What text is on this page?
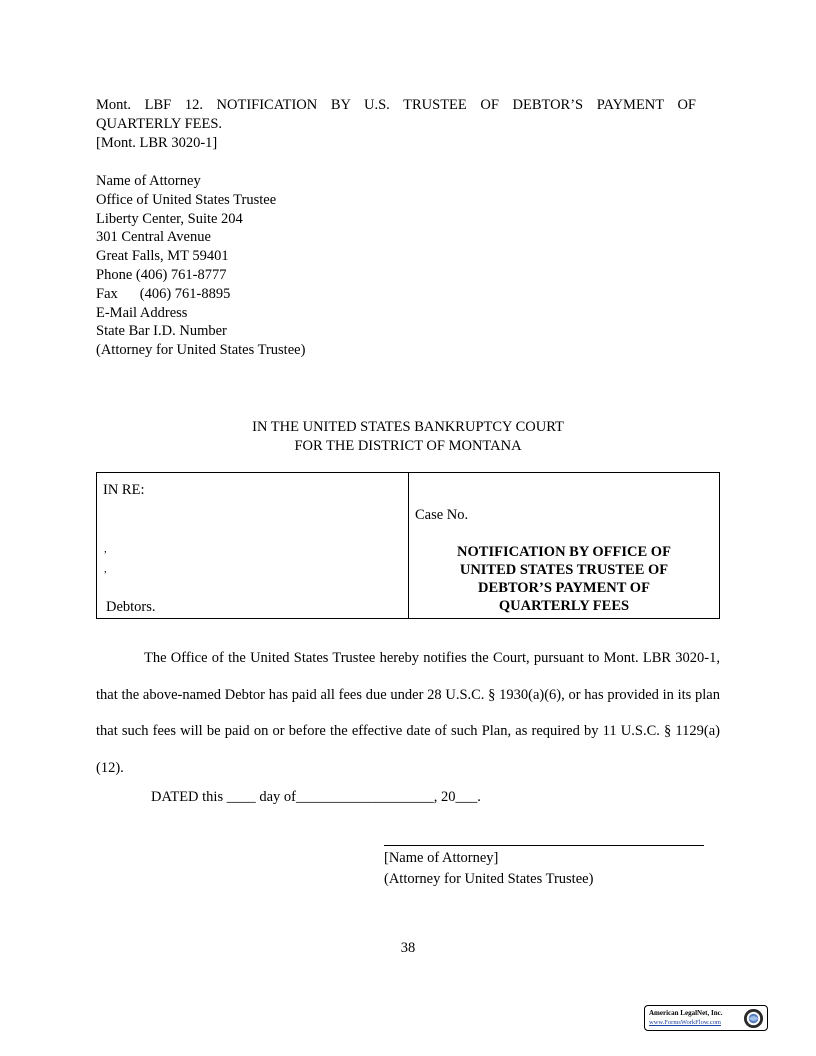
Mont. LBF 12. NOTIFICATION BY U.S. TRUSTEE OF DEBTOR’S PAYMENT OF
QUARTERLY FEES.
[Mont. LBR 3020-1]
Name of Attorney
Office of United States Trustee
Liberty Center, Suite 204
301 Central Avenue
Great Falls, MT 59401
Phone (406) 761-8777
Fax (406) 761-8895
E-Mail Address
State Bar I.D. Number
(Attorney for United States Trustee)
IN THE UNITED STATES BANKRUPTCY COURT
FOR THE DISTRICT OF MONTANA
IN RE:
,
,
Debtors.
Case No.
NOTIFICATION BY OFFICE OF
UNITED STATES TRUSTEE OF
DEBTOR’S PAYMENT OF
QUARTERLY FEES
The Office of the United States Trustee hereby notifies the Court, pursuant to Mont. LBR 3020-1, that the above-named Debtor has paid all fees due under 28 U.S.C. § 1930(a)(6), or has provided in its plan that such fees will be paid on or before the effective date of such Plan, as required by 11 U.S.C. § 1129(a)(12).
DATED this ____ day of___________________, 20___.
[Name of Attorney]
(Attorney for United States Trustee)
38
American LegalNet, Inc.
www.FormsWorkFlow.com
